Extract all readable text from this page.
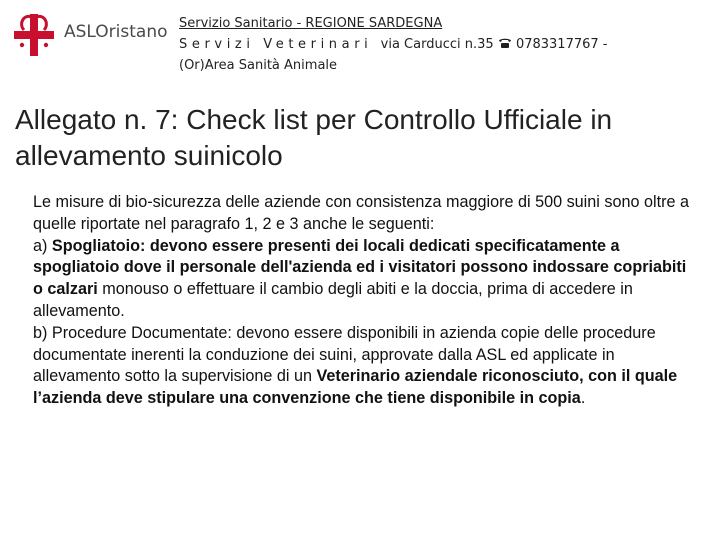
ASLOristano Servizio Sanitario - REGIONE SARDEGNA
Servizi Veterinari via Carducci n.35 0783317767 -
(Or)Area Sanità Animale
Allegato n. 7: Check list per Controllo Ufficiale in allevamento suinicolo

Le misure di bio-sicurezza delle aziende con consistenza maggiore di 500 suini sono oltre a quelle riportate nel paragrafo 1, 2 e 3 anche le seguenti:

a) Spogliatoio: devono essere presenti dei locali dedicati specificatamente a spogliatoio dove il personale dell'azienda ed i visitatori possono indossare copriabiti o calzari monouso o effettuare il cambio degli abiti e la doccia, prima di accedere in allevamento.

b) Procedure Documentate: devono essere disponibili in azienda copie delle procedure documentate inerenti la conduzione dei suini, approvate dalla ASL ed applicate in allevamento sotto la supervisione di un Veterinario aziendale riconosciuto, con il quale l’azienda deve stipulare una convenzione che tiene disponibile in copia.
